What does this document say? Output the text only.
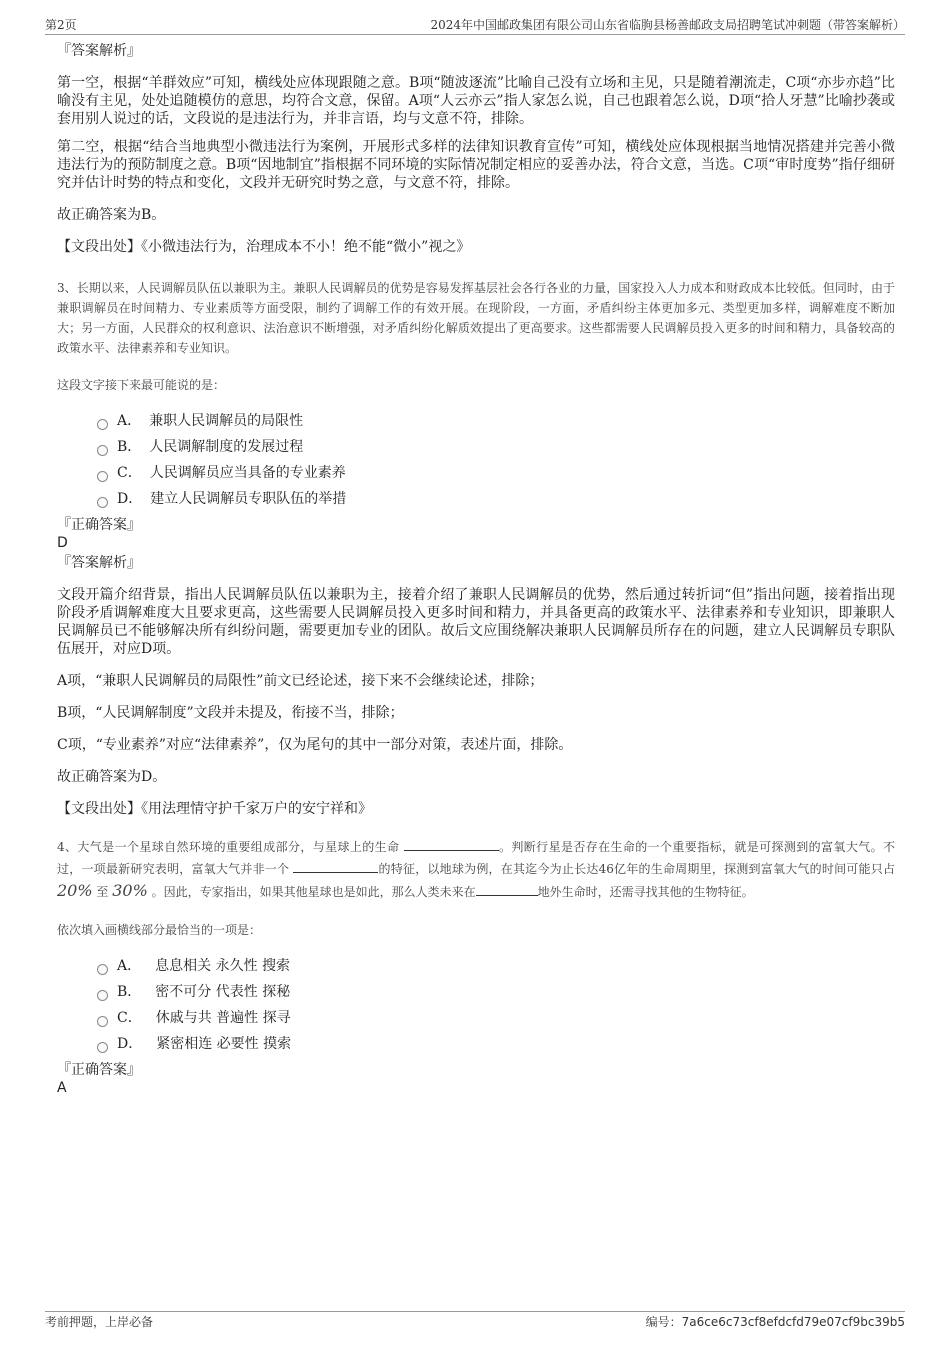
第2页	2024年中国邮政集团有限公司山东省临朐县杨善邮政支局招聘笔试冲刺题（带答案解析）
『答案解析』

第一空，根据“羊群效应”可知，横线处应体现跟随之意。B项“随波逐流”比喻自己没有立场和主见，只是随着潮流走，C项“亦步亦趋”比喻没有主见，处处追随模仿的意思，均符合文意，保留。A项“人云亦云”指人家怎么说，自己也跟着怎么说，D项“拾人牙慧”比喻抄袭或套用别人说过的话，文段说的是违法行为，并非言语，均与文意不符，排除。

第二空，根据“结合当地典型小微违法行为案例，开展形式多样的法律知识教育宣传”可知，横线处应体现根据当地情况搭建并完善小微违法行为的预防制度之意。B项“因地制宜”指根据不同环境的实际情况制定相应的妥善办法，符合文意，当选。C项“审时度势”指仔细研究并估计时势的特点和变化，文段并无研究时势之意，与文意不符，排除。

故正确答案为B。

【文段出处】《小微违法行为，治理成本不小！绝不能“微小”视之》

3、长期以来，人民调解员队伍以兼职为主。兼职人民调解员的优势是容易发挥基层社会各行各业的力量，国家投入人力成本和财政成本比较低。但同时，由于兼职调解员在时间精力、专业素质等方面受限，制约了调解工作的有效开展。在现阶段，一方面，矛盾纠纷主体更加多元、类型更加多样，调解难度不断加大；另一方面，人民群众的权利意识、法治意识不断增强，对矛盾纠纷化解质效提出了更高要求。这些都需要人民调解员投入更多的时间和精力，具备较高的政策水平、法律素养和专业知识。

这段文字接下来最可能说的是：
A． 兼职人民调解员的局限性
B． 人民调解制度的发展过程
C． 人民调解员应当具备的专业素养
D． 建立人民调解员专职队伍的举措
『正确答案』
D
『答案解析』

文段开篇介绍背景，指出人民调解员队伍以兼职为主，接着介绍了兼职人民调解员的优势，然后通过转折词“但”指出问题，接着指出现阶段矛盾调解难度大且要求更高，这些需要人民调解员投入更多时间和精力，并具备更高的政策水平、法律素养和专业知识，即兼职人民调解员已不能够解决所有纠纷问题，需要更加专业的团队。故后文应围绕解决兼职人民调解员所存在的问题，建立人民调解员专职队伍展开，对应D项。

A项，“兼职人民调解员的局限性”前文已经论述，接下来不会继续论述，排除；

B项，“人民调解制度”文段并未提及，衔接不当，排除；

C项，“专业素养”对应“法律素养”，仅为尾句的其中一部分对策，表述片面，排除。

故正确答案为D。

【文段出处】《用法理情守护千家万户的安宁祥和》

4、大气是一个星球自然环境的重要组成部分，与星球上的生命	。判断行星是否存在生命的一个重要指标，就是可探测到的富氧大气。不过，一项最新研究表明，富氧大气并非一个	的特征，以地球为例，在其迄今为止长达46亿年的生命周期里，探测到富氧大气的时间可能只占 20% 至 30% 。因此，专家指出，如果其他星球也是如此，那么人类未来在	地外生命时，还需寻找其他的生物特征。

依次填入画横线部分最恰当的一项是：
A． 息息相关 永久性 搜索
B． 密不可分 代表性 探秘
C． 休戚与共 普遍性 探寻
D． 紧密相连 必要性 摸索
『正确答案』
A
考前押题，上岸必备	编号：7a6ce6c73cf8efdcfd79e07cf9bc39b5
